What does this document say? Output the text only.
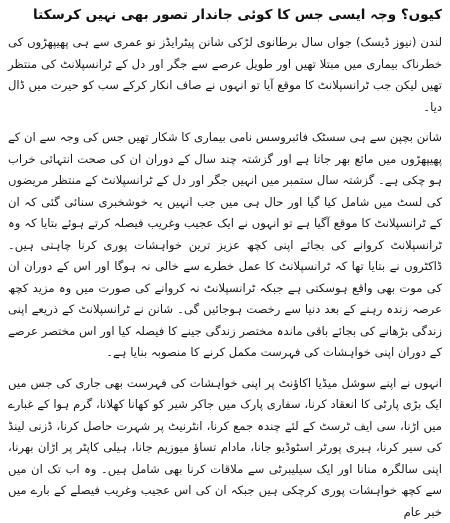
کیوں؟ وجہ ایسی جس کا کوئی جاندار تصور بھی نہیں کرسکتا

لندن (نیوز ڈیسک) جواں سال برطانوی لڑکی شانن پیٹرایڈز نو عمری سے ہی پھیپھڑوں کی خطرناک بیماری میں مبتلا تھیں اور طویل عرصے سے جگر اور دل کے ٹرانسپلانٹ کی منتظر تھیں لیکن جب ٹرانسپلانٹ کا موقع آیا تو انہوں نے صاف انکار کرکے سب کو حیرت میں ڈال دیا۔

شانن بچپن سے ہی سسٹک فائبروسس نامی بیماری کا شکار تھیں جس کی وجہ سے ان کے پھیپھڑوں میں مائع بھر جاتا ہے اور گزشتہ چند سال کے دوران ان کی صحت انتہائی خراب ہو چکی ہے۔ گزشتہ سال ستمبر میں انہیں جگر اور دل کے ٹرانسپلانٹ کے منتظر مریضوں کی لسٹ میں شامل کیا گیا اور حال ہی میں جب انہیں یہ خوشخبری سنائی گئی کہ ان کے ٹرانسپلانٹ کا موقع آگیا ہے تو انہوں نے ایک عجیب وغریب فیصلہ کرتے ہوئے بتایا کہ وہ ٹرانسپلانٹ کروانے کی بجائے اپنی کچھ عزیز ترین خواہشات پوری کرنا چاہتی ہیں۔ ڈاکٹروں نے بتایا تھا کہ ٹرانسپلانٹ کا عمل خطرے سے خالی نہ ہوگا اور اس کے دوران ان کی موت بھی واقع ہوسکتی ہے جبکہ ٹرانسپلانٹ نہ کروانے کی صورت میں وہ مزید کچھ عرصہ زندہ رہنے کے بعد دنیا سے رخصت ہوجائیں گی۔ شانن نے ٹرانسپلانٹ کے ذریعے اپنی زندگی بڑھانے کی بجائے باقی ماندہ مختصر زندگی جینے کا فیصلہ کیا اور اس مختصر عرصے کے دوران اپنی خواہشات کی فہرست مکمل کرنے کا منصوبہ بنایا ہے۔

انہوں نے اپنے سوشل میڈیا اکاﺅنٹ پر اپنی خواہشات کی فہرست بھی جاری کی جس میں ایک بڑی پارٹی کا انعقاد کرنا، سفاری پارک میں جاکر شیر کو کھانا کھلانا، گرم ہوا کے غبارے میں اڑنا، سی ایف ٹرسٹ کے لئے چندہ جمع کرنا، انٹرنیٹ پر شہرت حاصل کرنا، ڈزنی لینڈ کی سیر کرنا، ہیری پورٹر اسٹوڈیو جانا، مادام تساؤ میوزیم جانا، ہیلی کاپٹر پر اڑان بھرنا، اپنی سالگرہ منانا اور ایک سیلیبرٹی سے ملاقات کرنا بھی شامل ہیں۔ وہ اب تک ان میں سے کچھ خواہشات پوری کرچکی ہیں جبکہ ان کی اس عجیب وغریب فیصلے کے بارے میں خبر عام
